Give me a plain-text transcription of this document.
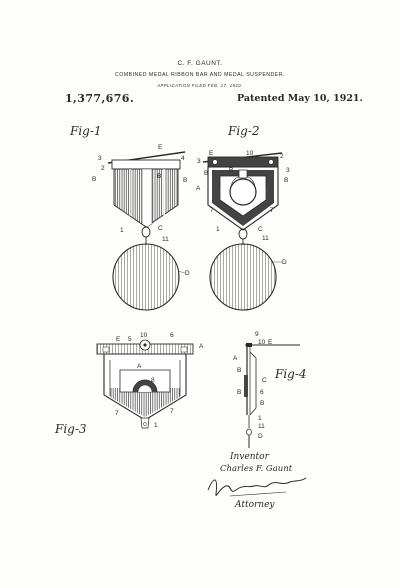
C. F. GAUNT.
COMBINED MEDAL RIBBON BAR AND MEDAL SUSPENDER.
APPLICATION FILED FEB. 17, 1920.
1,377,676.	Patented May 10, 1921.
Fig-1
3
2
B
E
4
B
B
1	C
11
D
Fig-2
3
B
A
E	10	2
3
B
B
7	7
1	C
11
D
Fig-3
E 5
10	6
A
A
8
7	7
1
Fig-4
9
10 E
A
B
C
6
B
B
1
11
D
Inventor
Charles F. Gaunt
Attorney
